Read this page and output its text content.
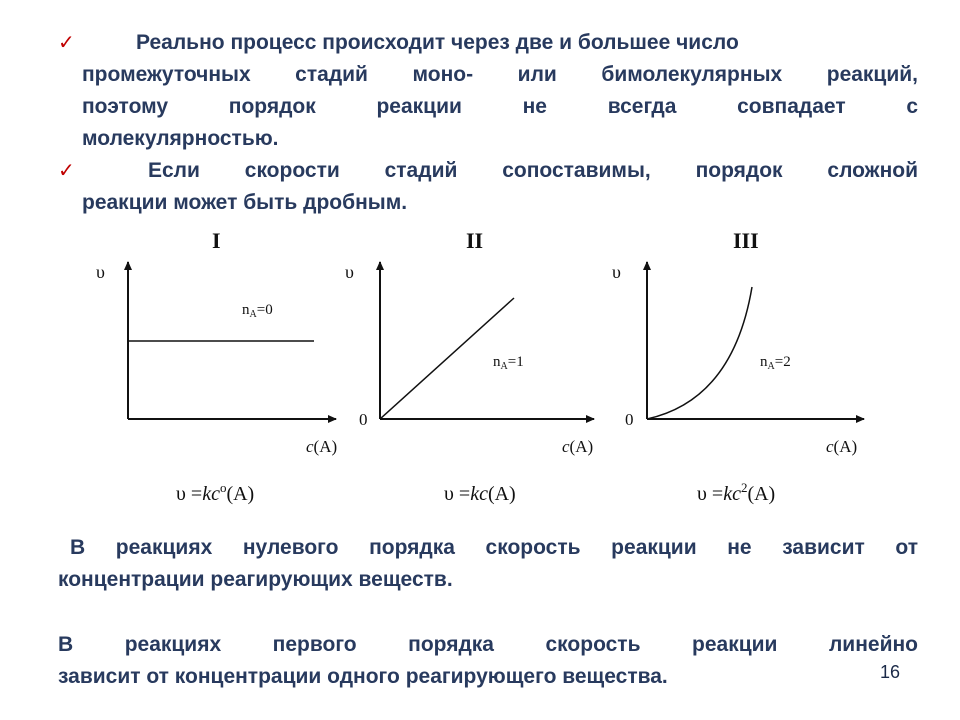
✓	Реально процесс происходит через две и большее число
промежуточных стадий моно- или бимолекулярных реакций,
поэтому порядок реакции не всегда совпадает с
молекулярностью.
✓	Если скорости стадий сопоставимы, порядок сложной
реакции может быть дробным.
I
υ
$n_A=0$
c(A)
$\upsilon =kc^o(A)$
II
υ
0
$n_A=1$
c(A)
υ =kc(A)
III
υ
0
$n_A=2$
c(A)
$\upsilon =kc^2(A)$
В реакциях нулевого порядка скорость реакции не зависит от
концентрации реагирующих веществ.
В реакциях первого порядка скорость реакции линейно
зависит от концентрации одного реагирующего вещества.	16
